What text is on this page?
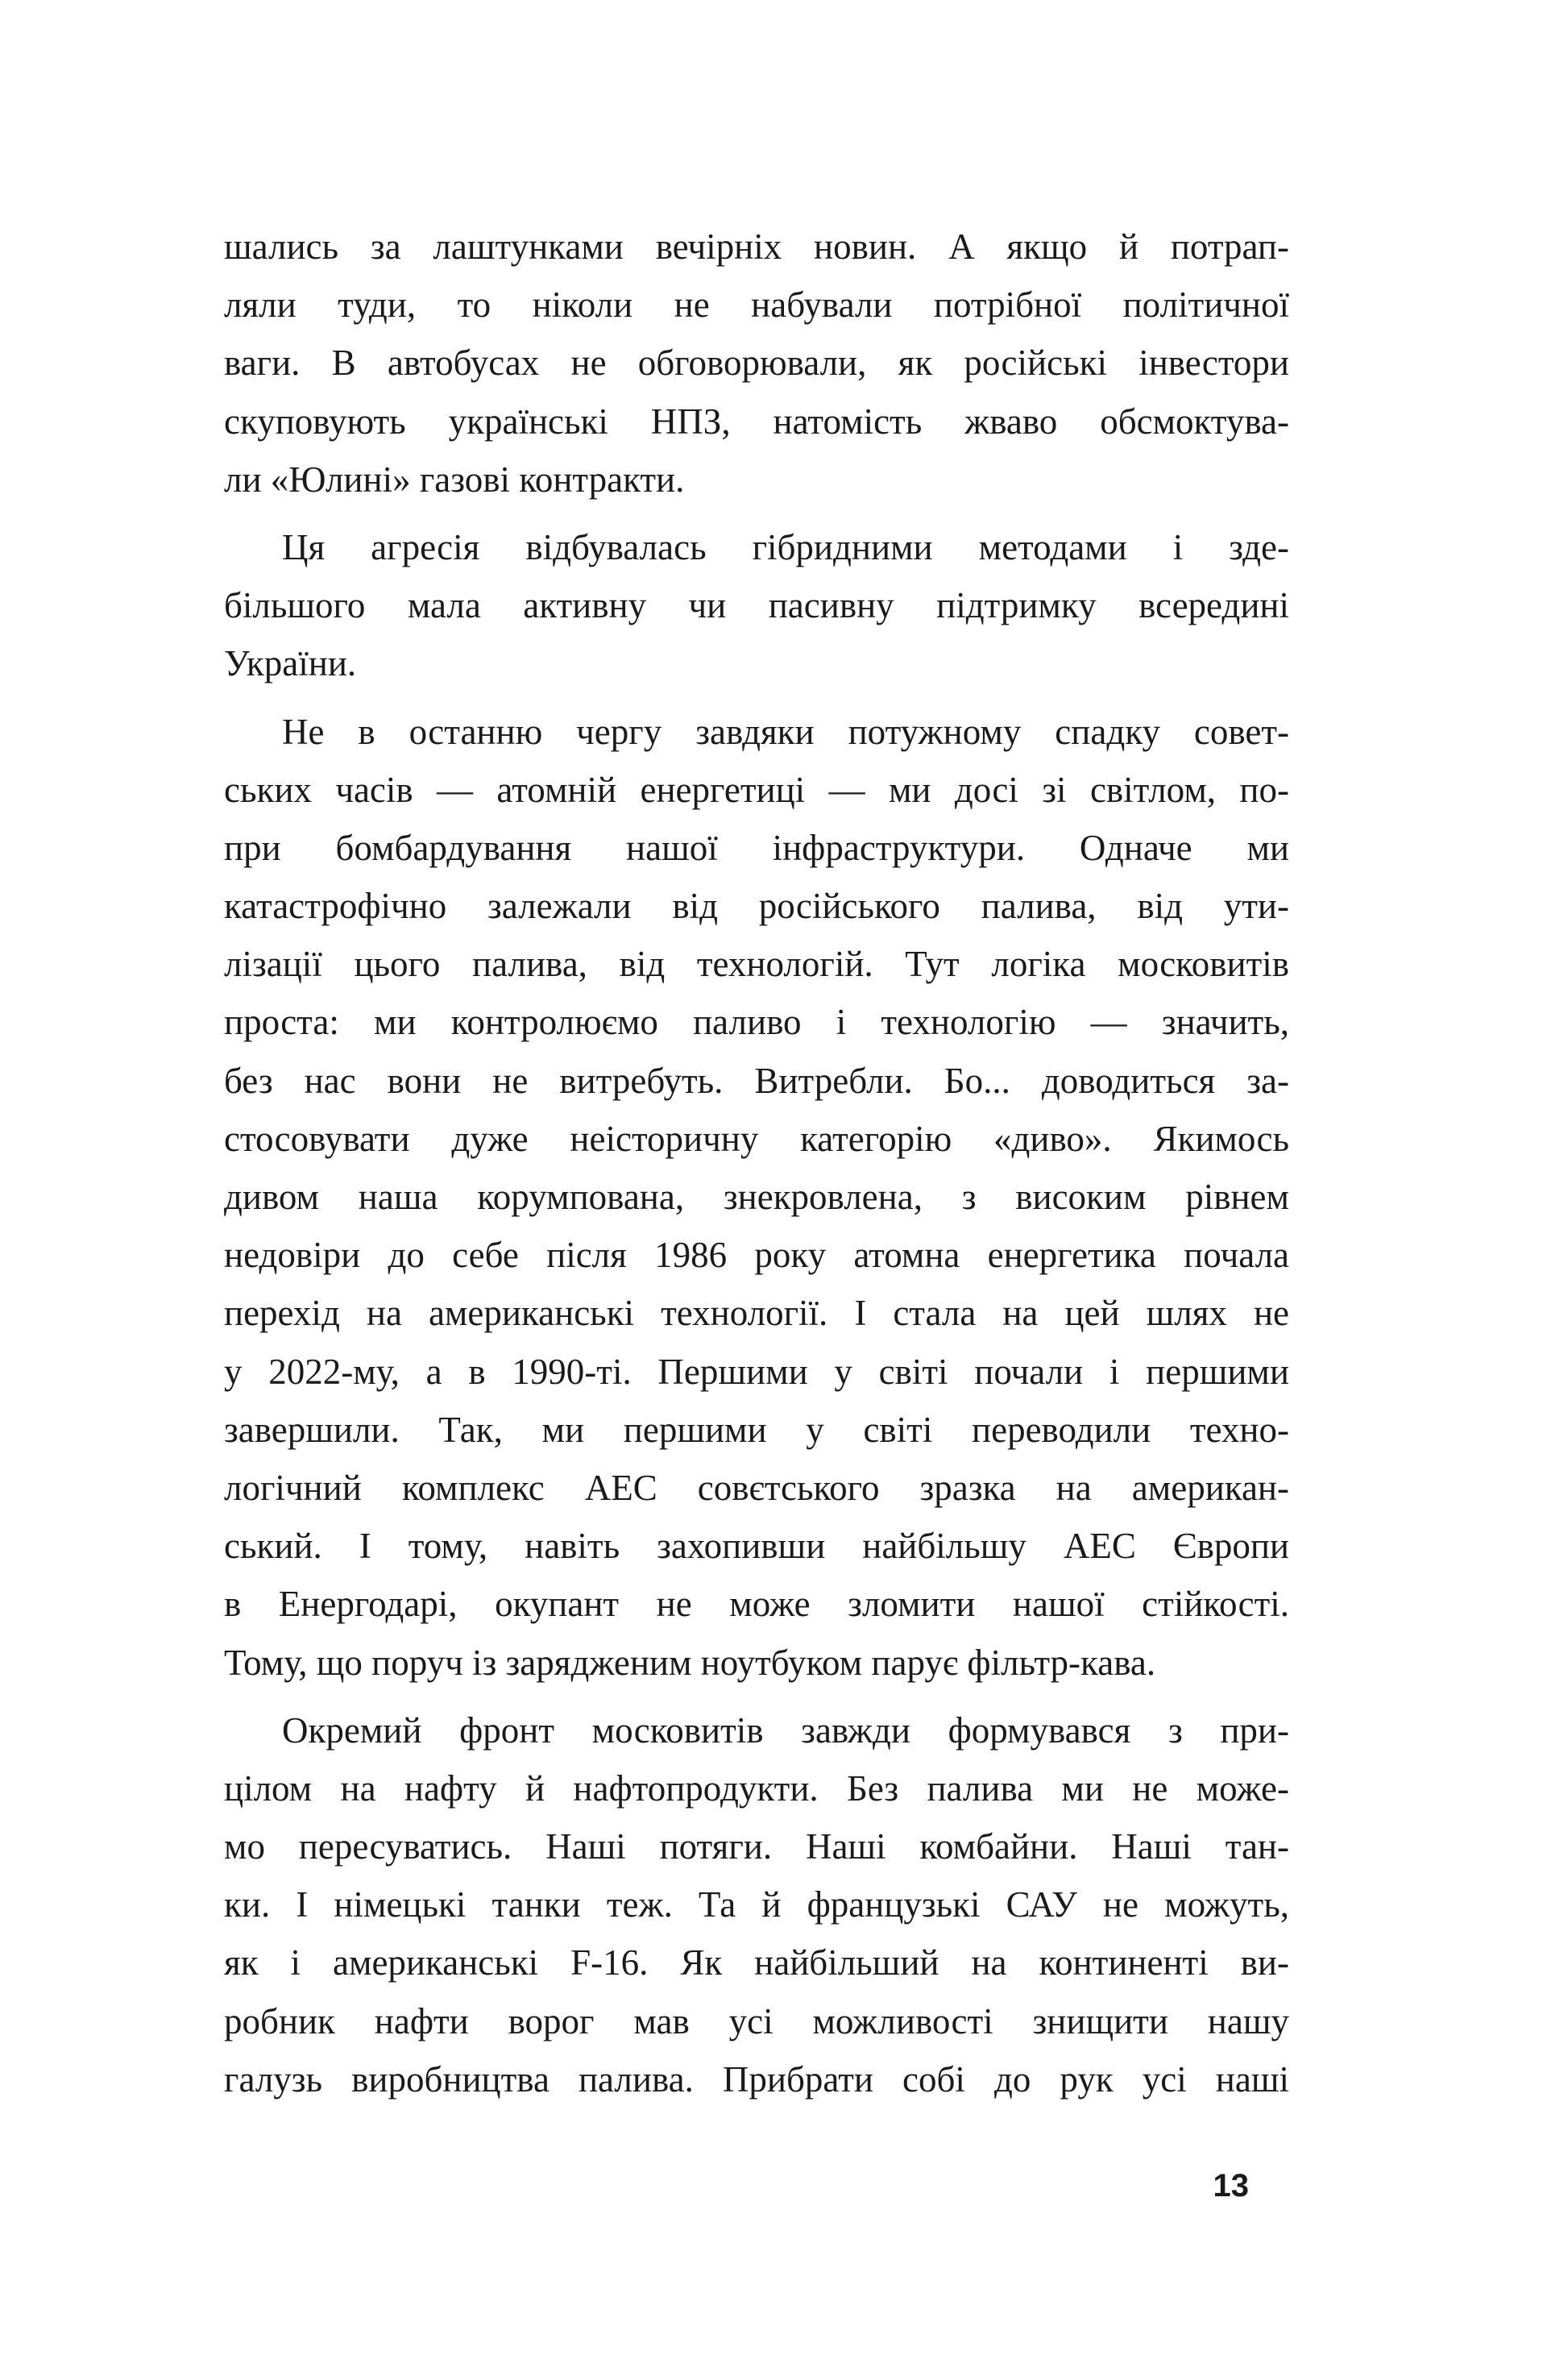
шались за лаштунками вечірніх новин. А якщо й потрап-
ляли туди, то ніколи не набували потрібної політичної
ваги. В автобусах не обговорювали, як російські інвестори
скуповують українські НПЗ, натомість жваво обсмоктува-
ли «Юлині» газові контракти.
Ця агресія відбувалась гібридними методами і зде-
більшого мала активну чи пасивну підтримку всередині
України.
Не в останню чергу завдяки потужному спадку совет-
ських часів — атомній енергетиці — ми досі зі світлом, по-
при бомбардування нашої інфраструктури. Одначе ми
катастрофічно залежали від російського палива, від ути-
лізації цього палива, від технологій. Тут логіка московитів
проста: ми контролюємо паливо і технологію — значить,
без нас вони не витребуть. Витребли. Бо... доводиться за-
стосовувати дуже неісторичну категорію «диво». Якимось
дивом наша корумпована, знекровлена, з високим рівнем
недовіри до себе після 1986 року атомна енергетика почала
перехід на американські технології. І стала на цей шлях не
у 2022-му, а в 1990-ті. Першими у світі почали і першими
завершили. Так, ми першими у світі переводили техно-
логічний комплекс АЕС совєтського зразка на американ-
ський. І тому, навіть захопивши найбільшу АЕС Європи
в Енергодарі, окупант не може зломити нашої стійкості.
Тому, що поруч із зарядженим ноутбуком парує фільтр-кава.
Окремий фронт московитів завжди формувався з при-
цілом на нафту й нафтопродукти. Без палива ми не може-
мо пересуватись. Наші потяги. Наші комбайни. Наші тан-
ки. І німецькі танки теж. Та й французькі САУ не можуть,
як і американські F-16. Як найбільший на континенті ви-
робник нафти ворог мав усі можливості знищити нашу
галузь виробництва палива. Прибрати собі до рук усі наші
13
